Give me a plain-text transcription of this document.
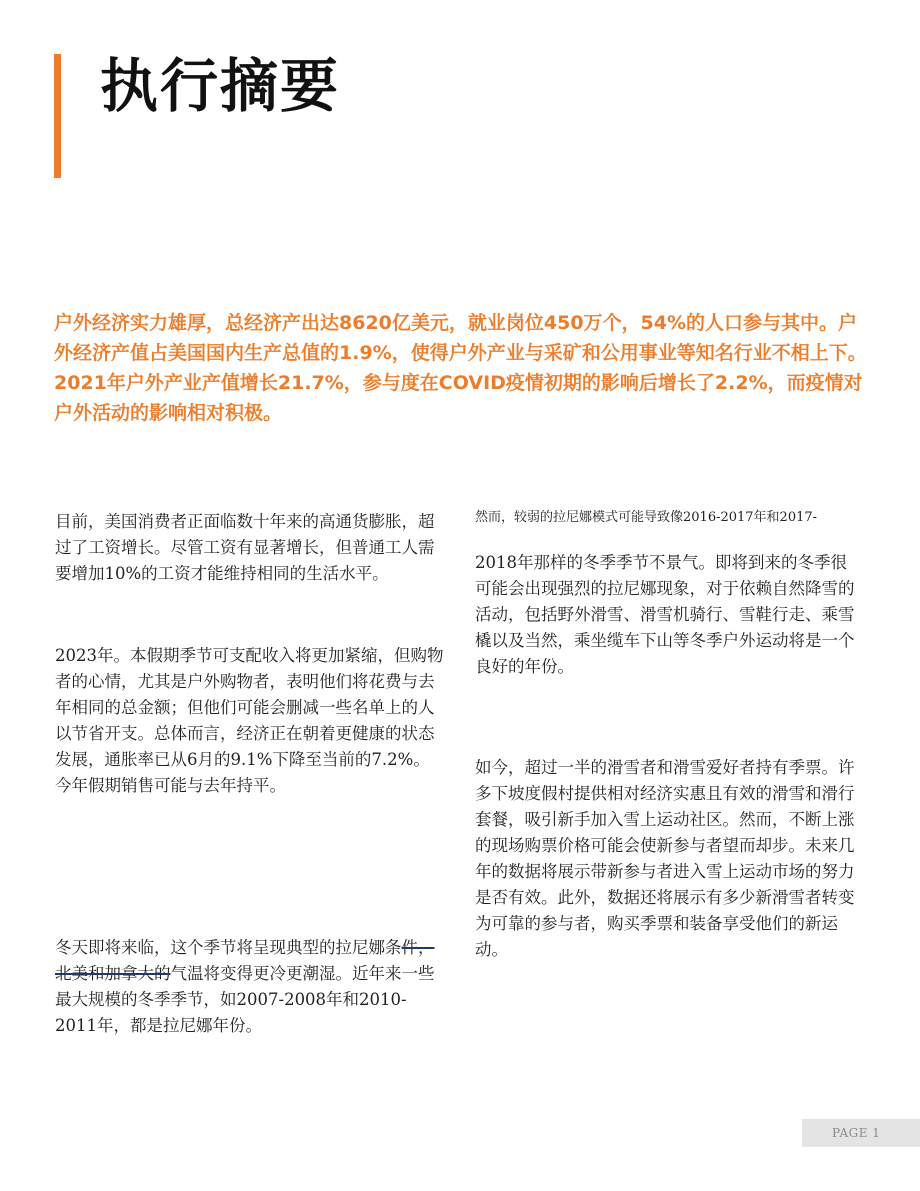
执行摘要

户外经济实力雄厚，总经济产出达8620亿美元，就业岗位450万个，54%的人口参与其中。户外经济产值占美国国内生产总值的1.9%，使得户外产业与采矿和公用事业等知名行业不相上下。2021年户外产业产值增长21.7%，参与度在COVID疫情初期的影响后增长了2.2%，而疫情对户外活动的影响相对积极。

目前，美国消费者正面临数十年来的高通货膨胀，超过了工资增长。尽管工资有显著增长，但普通工人需要增加10%的工资才能维持相同的生活水平。

2023年。本假期季节可支配收入将更加紧缩，但购物者的心情，尤其是户外购物者，表明他们将花费与去年相同的总金额；但他们可能会删减一些名单上的人以节省开支。总体而言，经济正在朝着更健康的状态发展，通胀率已从6月的9.1%下降至当前的7.2%。今年假期销售可能与去年持平。

冬天即将来临，这个季节将呈现典型的拉尼娜条件，北美和加拿大的气温将变得更冷更潮湿。近年来一些最大规模的冬季季节，如2007-2008年和2010-2011年，都是拉尼娜年份。

然而，较弱的拉尼娜模式可能导致像2016-2017年和2017-

2018年那样的冬季季节不景气。即将到来的冬季很可能会出现强烈的拉尼娜现象，对于依赖自然降雪的活动，包括野外滑雪、滑雪机骑行、雪鞋行走、乘雪橇以及当然，乘坐缆车下山等冬季户外运动将是一个良好的年份。

如今，超过一半的滑雪者和滑雪爱好者持有季票。许多下坡度假村提供相对经济实惠且有效的滑雪和滑行套餐，吸引新手加入雪上运动社区。然而，不断上涨的现场购票价格可能会使新参与者望而却步。未来几年的数据将展示带新参与者进入雪上运动市场的努力是否有效。此外，数据还将展示有多少新滑雪者转变为可靠的参与者，购买季票和装备享受他们的新运动。

PAGE 1
